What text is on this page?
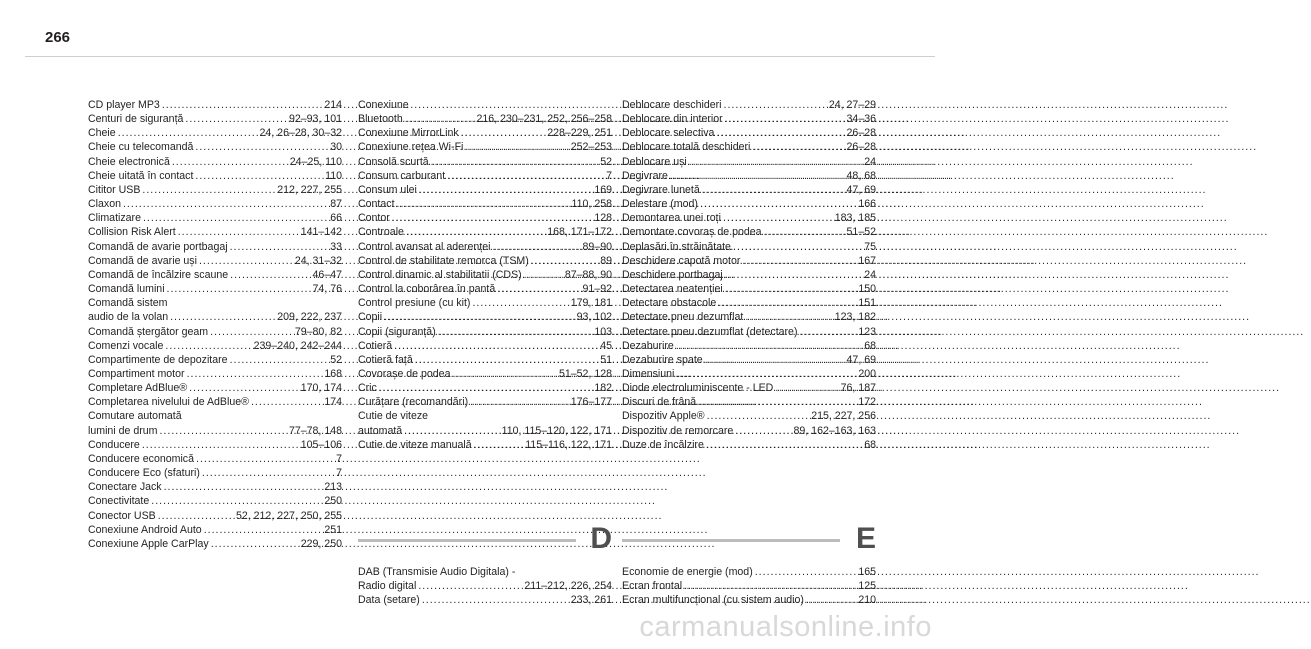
266
CD player MP3 .....	214
Centuri de siguranță .....	92–93, 101
Cheie .....	24, 26–28, 30–32
Cheie cu telecomandă .....	30
Cheie electronică .....	24–25, 110
Cheie uitată în contact .....	110
Cititor USB .....	212, 227, 255
Claxon .....	87
Climatizare .....	66
Collision Risk Alert .....	141–142
Comandă de avarie portbagaj .....	33
Comandă de avarie uși .....	24, 31–32
Comandă de încălzire scaune .....	46–47
Comandă lumini .....	74, 76
Comandă sistem
audio de la volan .....	209, 222, 237
Comandă ștergător geam .....	79–80, 82
Comenzi vocale .....	239–240, 242–244
Compartimente de depozitare .....	52
Compartiment motor .....	168
Completare AdBlue® .....	170, 174
Completarea nivelului de AdBlue® .....	174
Comutare automată
lumini de drum .....	77–78, 148
Conducere .....	105–106
Conducere economică .....	7
Conducere Eco (sfaturi) .....	7
Conectare Jack .....	213
Conectivitate .....	250
Conector USB .....	52, 212, 227, 250, 255
Conexiune Android Auto .....	251
Conexiune Apple CarPlay .....	229, 250
Conexiune
Bluetooth .....	216, 230–231, 252, 256–258
Conexiune MirrorLink .....	228–229, 251
Conexiune rețea Wi-Fi .....	252–253
Consolă scurtă .....	52
Consum carburant .....	7
Consum ulei .....	169
Contact .....	110, 258
Contor .....	128
Controale .....	168, 171–172
Control avansat al aderenței .....	89–90
Control de stabilitate remorca (TSM) .....	89
Control dinamic al stabilitatii (CDS) .....	87–88, 90
Control la coborârea în pantă .....	91–92
Control presiune (cu kit) .....	179, 181
Copii .....	93, 102
Copii (siguranță) .....	103
Cotieră .....	45
Cotieră față .....	51
Covorașe de podea .....	51–52, 128
Cric .....	182
Curățare (recomandări) .....	176–177
Cutie de viteze
automată .....	110, 115–120, 122, 171
Cutie de viteze manuală .....	115–116, 122, 171
Deblocare deschideri .....	24, 27–29
Deblocare din interior .....	34–36
Deblocare selectiva .....	26–28
Deblocare totală deschideri .....	26–28
Deblocare uși .....	24
Degivrare .....	48, 68
Degivrare lunetă .....	47, 69
Delestare (mod) .....	166
Demontarea unei roți .....	183, 185
Demontare covoraș de podea .....	51–52
Deplasări în străinătate .....	75
Deschidere capotă motor .....	167
Deschidere portbagaj .....	24
Detectarea neatenției .....	150
Detectare obstacole .....	151
Detectare pneu dezumflat .....	123, 182
Detectare pneu dezumflat (detectare) .....	123
Dezaburire .....	68
Dezaburire spate .....	47, 69
Dimensiuni .....	200
Diode electroluminiscente - LED .....	76, 187
Discuri de frână .....	172
Dispozitiv Apple® .....	215, 227, 256
Dispozitiv de remorcare .....	89, 162–163, 163
Duze de încălzire .....	68
D
DAB (Transmisie Audio Digitala) -
Radio digital .....	211–212, 226, 254
Data (setare) .....	233, 261
E
Economie de energie (mod) .....	165
Ecran frontal .....	125
Ecran multifuncțional (cu sistem audio) .....	210
carmanualsonline.info
